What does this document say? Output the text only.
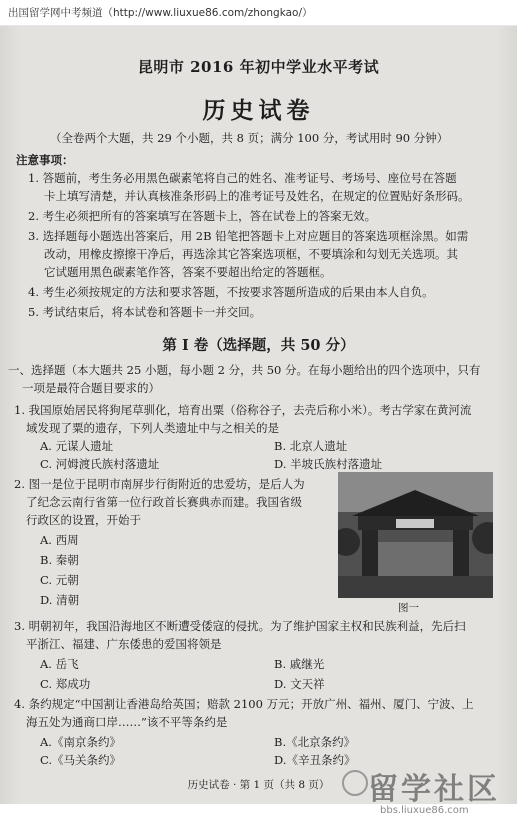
出国留学网中考频道（http://www.liuxue86.com/zhongkao/）
昆明市 2016 年初中学业水平考试
历史试卷
（全卷两个大题，共 29 个小题，共 8 页；满分 100 分，考试用时 90 分钟）
注意事项：
1. 答题前，考生务必用黑色碳素笔将自己的姓名、准考证号、考场号、座位号在答题
卡上填写清楚，并认真核准条形码上的准考证号及姓名，在规定的位置贴好条形码。
2. 考生必须把所有的答案填写在答题卡上，答在试卷上的答案无效。
3. 选择题每小题选出答案后，用 2B 铅笔把答题卡上对应题目的答案选项框涂黑。如需
改动，用橡皮擦擦干净后，再选涂其它答案选项框，不要填涂和勾划无关选项。其
它试题用黑色碳素笔作答，答案不要超出给定的答题框。
4. 考生必须按规定的方法和要求答题，不按要求答题所造成的后果由本人自负。
5. 考试结束后，将本试卷和答题卡一并交回。
第 Ⅰ 卷（选择题，共 50 分）
一、选择题（本大题共 25 小题，每小题 2 分，共 50 分。在每小题给出的四个选项中，只有
一项是最符合题目要求的）
1. 我国原始居民将狗尾草驯化，培育出粟（俗称谷子，去壳后称小米）。考古学家在黄河流
域发现了粟的遗存，下列人类遗址中与之相关的是
A. 元谋人遗址	B. 北京人遗址
C. 河姆渡氏族村落遗址	D. 半坡氏族村落遗址
2. 图一是位于昆明市南屏步行街附近的忠爱坊，是后人为
了纪念云南行省第一位行政首长赛典赤而建。我国省级
行政区的设置，开始于
A. 西周
B. 秦朝
C. 元朝
D. 清朝
图一
3. 明朝初年，我国沿海地区不断遭受倭寇的侵扰。为了维护国家主权和民族利益，先后扫
平浙江、福建、广东倭患的爱国将领是
A. 岳飞	B. 戚继光
C. 郑成功	D. 文天祥
4. 条约规定“中国割让香港岛给英国；赔款 2100 万元；开放广州、福州、厦门、宁波、上
海五处为通商口岸……”该不平等条约是
A.《南京条约》	B.《北京条约》
C.《马关条约》	D.《辛丑条约》
历史试卷 · 第 1 页（共 8 页）	留学社区
bbs.liuxue86.com
